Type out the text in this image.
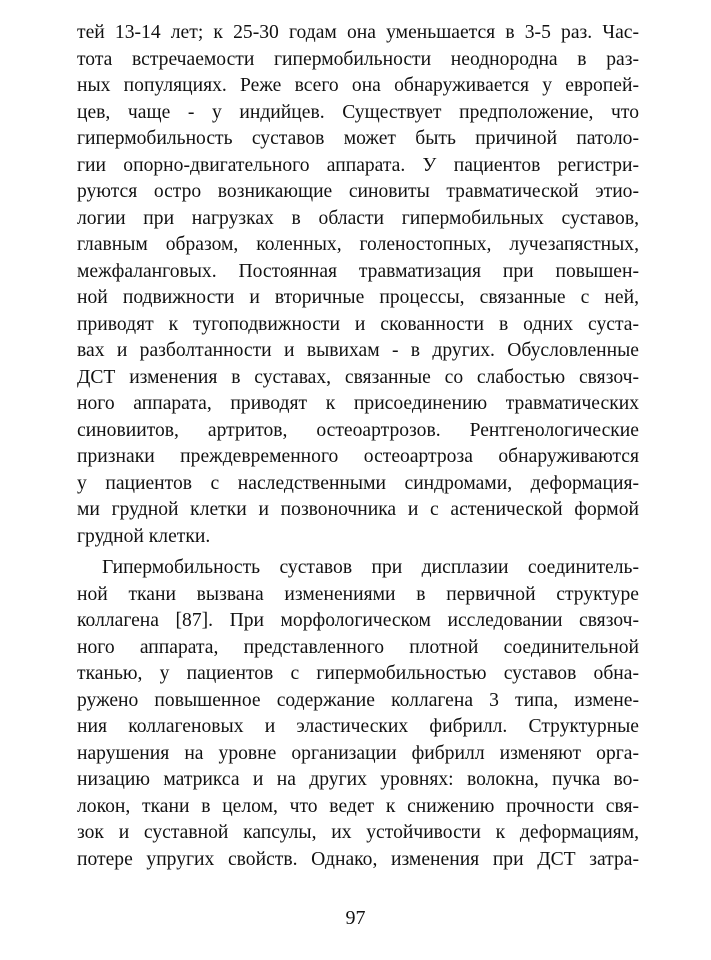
тей 13-14 лет; к 25-30 годам она уменьшается в 3-5 раз. Час-
тота встречаемости гипермобильности неоднородна в раз-
ных популяциях. Реже всего она обнаруживается у европей-
цев, чаще - у индийцев. Существует предположение, что
гипермобильность суставов может быть причиной патоло-
гии опорно-двигательного аппарата. У пациентов регистри-
руются остро возникающие синовиты травматической этио-
логии при нагрузках в области гипермобильных суставов,
главным образом, коленных, голеностопных, лучезапястных,
межфаланговых. Постоянная травматизация при повышен-
ной подвижности и вторичные процессы, связанные с ней,
приводят к тугоподвижности и скованности в одних суста-
вах и разболтанности и вывихам - в других. Обусловленные
ДСТ изменения в суставах, связанные со слабостью связоч-
ного аппарата, приводят к присоединению травматических
синовиитов, артритов, остеоартрозов. Рентгенологические
признаки преждевременного остеоартроза обнаруживаются
у пациентов с наследственными синдромами, деформация-
ми грудной клетки и позвоночника и с астенической формой
грудной клетки.
Гипермобильность суставов при дисплазии соединитель-
ной ткани вызвана изменениями в первичной структуре
коллагена [87]. При морфологическом исследовании связоч-
ного аппарата, представленного плотной соединительной
тканью, у пациентов с гипермобильностью суставов обна-
ружено повышенное содержание коллагена 3 типа, измене-
ния коллагеновых и эластических фибрилл. Структурные
нарушения на уровне организации фибрилл изменяют орга-
низацию матрикса и на других уровнях: волокна, пучка во-
локон, ткани в целом, что ведет к снижению прочности свя-
зок и суставной капсулы, их устойчивости к деформациям,
потере упругих свойств. Однако, изменения при ДСТ затра-
97
